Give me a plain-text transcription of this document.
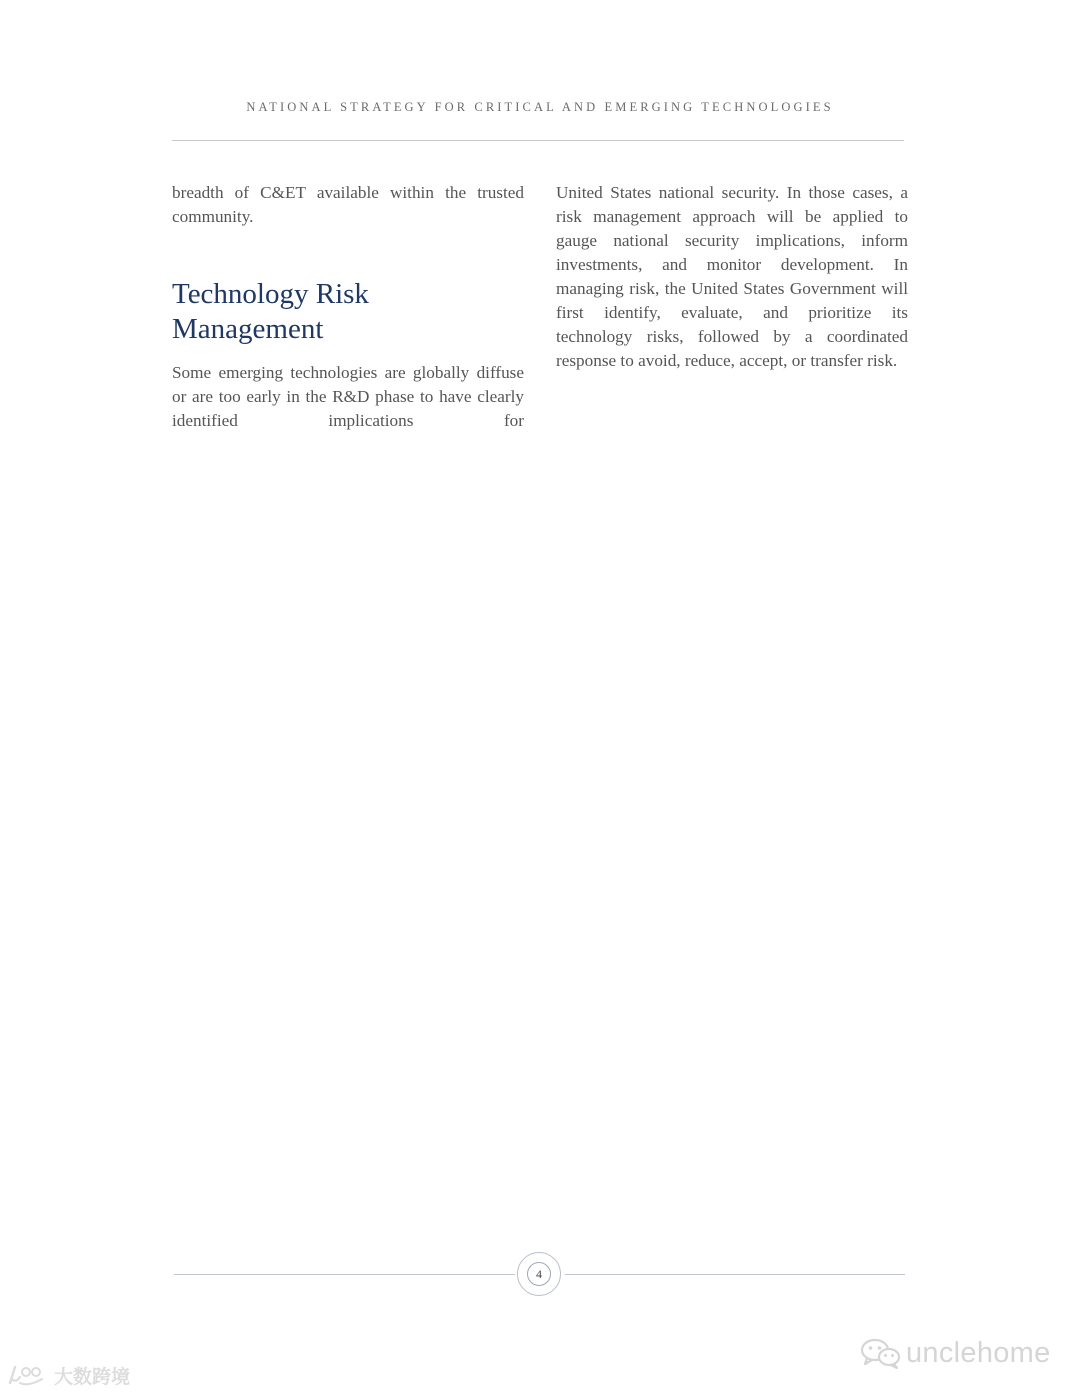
NATIONAL STRATEGY FOR CRITICAL AND EMERGING TECHNOLOGIES

breadth of C&ET available within the trusted community.

Technology Risk
Management

Some emerging technologies are globally diffuse or are too early in the R&D phase to have clearly identified implications for

United States national security. In those cases, a risk management approach will be applied to gauge national security implications, inform investments, and monitor development. In managing risk, the United States Government will first identify, evaluate, and prioritize its technology risks, followed by a coordinated response to avoid, reduce, accept, or transfer risk.

4
unclehome
大数跨境
